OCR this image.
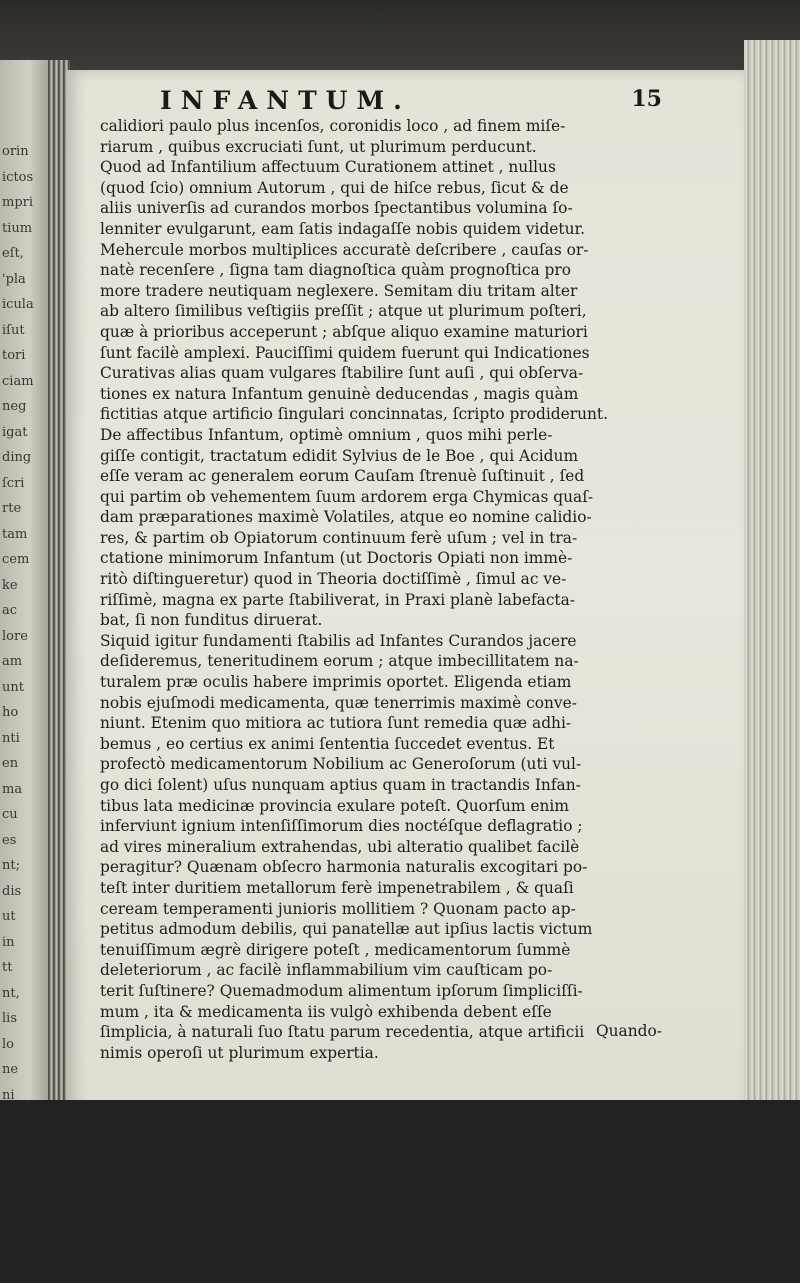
orin
ictos
mpri
tium
eſt,
'pla
icula
iſut
tori
ciam
neg
igat
ding
ſcri
rte
tam
cem
ke
ac
lore
am
unt
ho
nti
en
ma
cu
es
nt;
dis
ut
in
tt
nt,
lis
lo
ne
ni
INFANTUM.	15
calidiori paulo plus incenſos, coronidis loco , ad finem miſe-
riarum , quibus excruciati ſunt, ut plurimum perducunt.
Quod ad Infantilium affectuum Curationem attinet , nullus
(quod ſcio) omnium Autorum , qui de hiſce rebus, ſicut & de
aliis univerſis ad curandos morbos ſpectantibus volumina ſo-
lenniter evulgarunt, eam ſatis indagaſſe nobis quidem videtur.
Mehercule morbos multiplices accuratè deſcribere , cauſas or-
natè recenſere , ſigna tam diagnoſtica quàm prognoſtica pro
more tradere neutiquam neglexere. Semitam diu tritam alter
ab altero ſimilibus veſtigiis preſſit ; atque ut plurimum poſteri,
quæ à prioribus acceperunt ; abſque aliquo examine maturiori
ſunt facilè amplexi. Pauciſſimi quidem fuerunt qui Indicationes
Curativas alias quam vulgares ſtabilire ſunt auſi , qui obſerva-
tiones ex natura Infantum genuinè deducendas , magis quàm
fictitias atque artificio ſingulari concinnatas, ſcripto prodiderunt.
De affectibus Infantum, optimè omnium , quos mihi perle-
giſſe contigit, tractatum edidit Sylvius de le Boe , qui Acidum
eſſe veram ac generalem eorum Cauſam ſtrenuè ſuſtinuit , ſed
qui partim ob vehementem ſuum ardorem erga Chymicas quaſ-
dam præparationes maximè Volatiles, atque eo nomine calidio-
res, & partim ob Opiatorum continuum ferè uſum ; vel in tra-
ctatione minimorum Infantum (ut Doctoris Opiati non immè-
ritò diſtingueretur) quod in Theoria doctiſſimè , ſimul ac ve-
riſſimè, magna ex parte ſtabiliverat, in Praxi planè labefacta-
bat, ſi non funditus diruerat.
Siquid igitur fundamenti ſtabilis ad Infantes Curandos jacere
deſideremus, teneritudinem eorum ; atque imbecillitatem na-
turalem præ oculis habere imprimis oportet. Eligenda etiam
nobis ejuſmodi medicamenta, quæ tenerrimis maximè conve-
niunt. Etenim quo mitiora ac tutiora ſunt remedia quæ adhi-
bemus , eo certius ex animi ſententia ſuccedet eventus. Et
profectò medicamentorum Nobilium ac Generoſorum (uti vul-
go dici ſolent) uſus nunquam aptius quam in tractandis Infan-
tibus lata medicinæ provincia exulare poteſt. Quorſum enim
inferviunt ignium intenſiſſimorum dies noctéſque deflagratio ;
ad vires mineralium extrahendas, ubi alteratio qualibet facilè
peragitur? Quænam obſecro harmonia naturalis excogitari po-
teſt inter duritiem metallorum ferè impenetrabilem , & quaſi
ceream temperamenti junioris mollitiem ? Quonam pacto ap-
petitus admodum debilis, qui panatellæ aut ipſius lactis victum
tenuiſſimum ægrè dirigere poteſt , medicamentorum ſummè
deleteriorum , ac facilè inflammabilium vim cauſticam po-
terit ſuſtinere? Quemadmodum alimentum ipſorum ſimpliciſſi-
mum , ita & medicamenta iis vulgò exhibenda debent eſſe
ſimplicia, à naturali ſuo ſtatu parum recedentia, atque artificii
nimis operoſi ut plurimum expertia.
Quando-
